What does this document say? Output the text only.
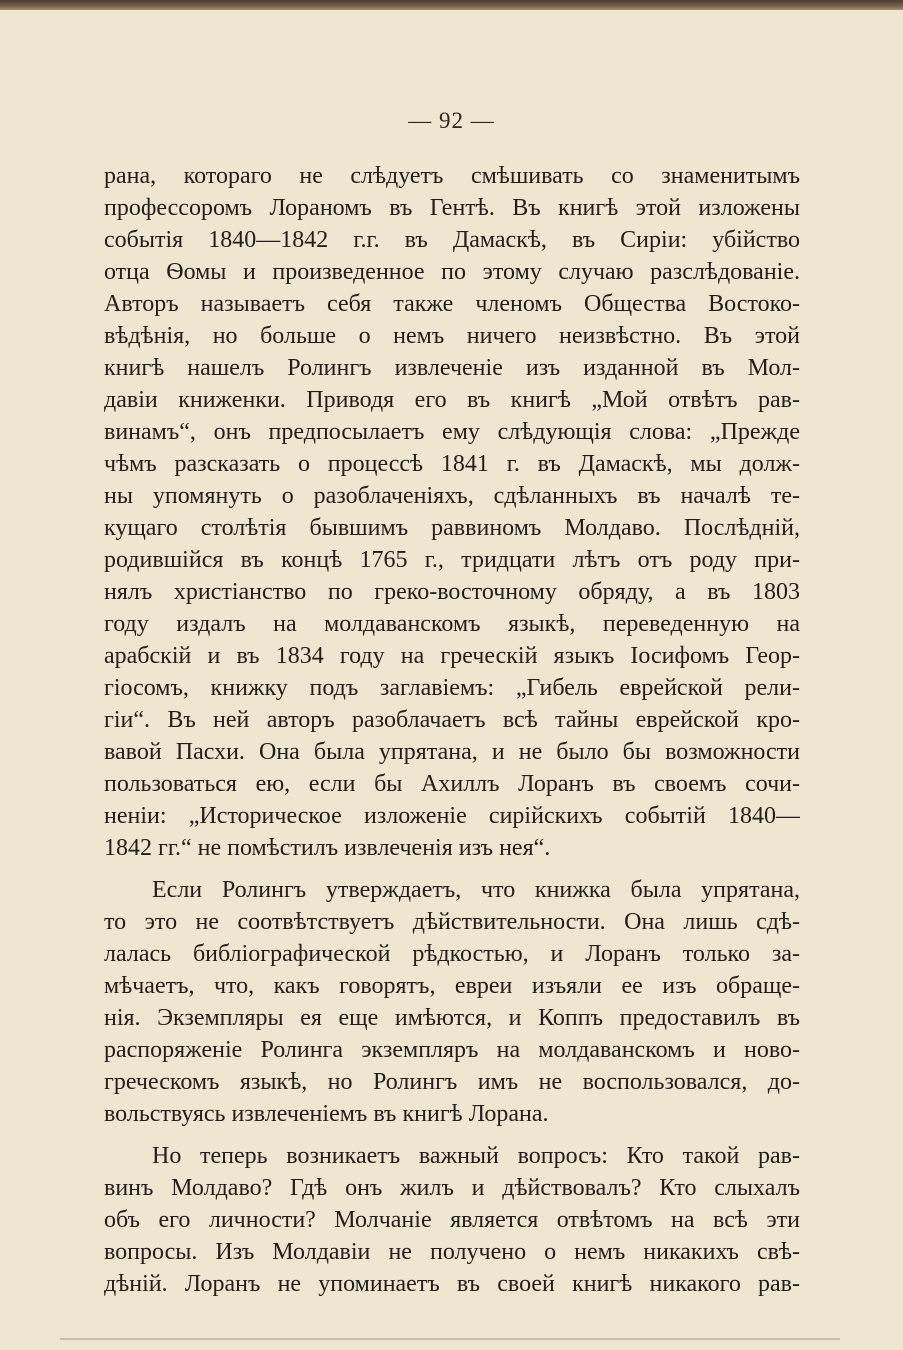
— 92 —
рана, котораго не слѣдуетъ смѣшивать со знаменитымъ
профессоромъ Лораномъ въ Гентѣ. Въ книгѣ этой изложены
событія 1840—1842 г.г. въ Дамаскѣ, въ Сиріи: убійство
отца Ѳомы и произведенное по этому случаю разслѣдованіе.
Авторъ называетъ себя также членомъ Общества Востоко-
вѣдѣнія, но больше о немъ ничего неизвѣстно. Въ этой
книгѣ нашелъ Ролингъ извлеченіе изъ изданной въ Мол-
давіи книженки. Приводя его въ книгѣ „Мой отвѣтъ рав-
винамъ“, онъ предпосылаетъ ему слѣдующія слова: „Прежде
чѣмъ разсказать о процессѣ 1841 г. въ Дамаскѣ, мы долж-
ны упомянуть о разоблаченіяхъ, сдѣланныхъ въ началѣ те-
кущаго столѣтія бывшимъ раввиномъ Молдаво. Послѣдній,
родившійся въ концѣ 1765 г., тридцати лѣтъ отъ роду при-
нялъ христіанство по греко-восточному обряду, а въ 1803
году издалъ на молдаванскомъ языкѣ, переведенную на
арабскій и въ 1834 году на греческій языкъ Іосифомъ Геор-
гіосомъ, книжку подъ заглавіемъ: „Гибель еврейской рели-
гіи“. Въ ней авторъ разоблачаетъ всѣ тайны еврейской кро-
вавой Пасхи. Она была упрятана, и не было бы возможности
пользоваться ею, если бы Ахиллъ Лоранъ въ своемъ сочи-
неніи: „Историческое изложеніе сирійскихъ событій 1840—
1842 гг.“ не помѣстилъ извлеченія изъ нея“.
Если Ролингъ утверждаетъ, что книжка была упрятана,
то это не соотвѣтствуетъ дѣйствительности. Она лишь сдѣ-
лалась библіографической рѣдкостью, и Лоранъ только за-
мѣчаетъ, что, какъ говорятъ, евреи изъяли ее изъ обраще-
нія. Экземпляры ея еще имѣются, и Коппъ предоставилъ въ
распоряженіе Ролинга экземпляръ на молдаванскомъ и ново-
греческомъ языкѣ, но Ролингъ имъ не воспользовался, до-
вольствуясь извлеченіемъ въ книгѣ Лорана.
Но теперь возникаетъ важный вопросъ: Кто такой рав-
винъ Молдаво? Гдѣ онъ жилъ и дѣйствовалъ? Кто слыхалъ
объ его личности? Молчаніе является отвѣтомъ на всѣ эти
вопросы. Изъ Молдавіи не получено о немъ никакихъ свѣ-
дѣній. Лоранъ не упоминаетъ въ своей книгѣ никакого рав-
